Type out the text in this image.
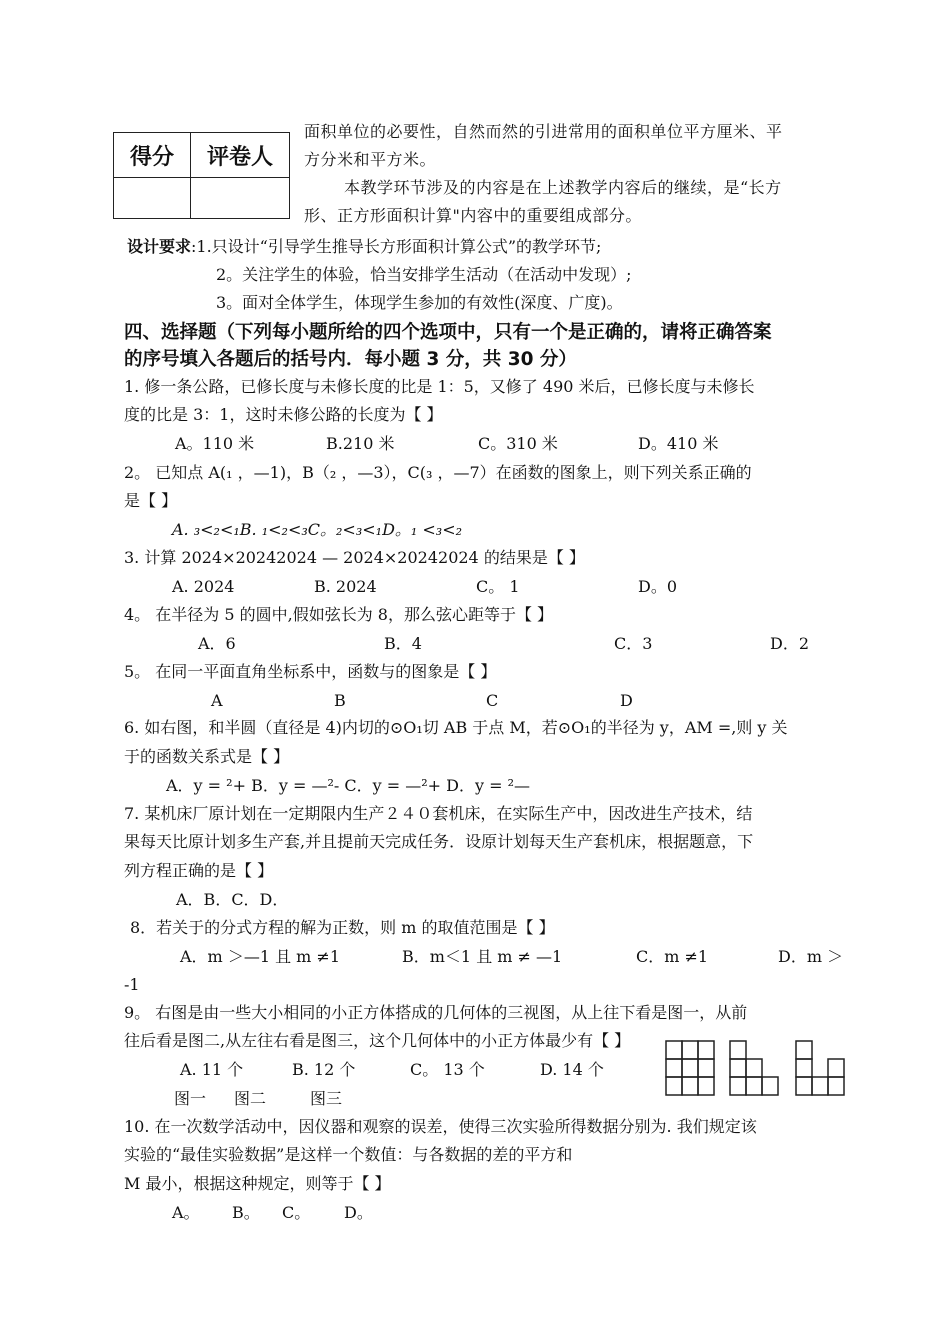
得分	评卷人

面积单位的必要性，自然而然的引进常用的面积单位平方厘米、平
方分米和平方米。
本教学环节涉及的内容是在上述教学内容后的继续，是“长方
形、正方形面积计算"内容中的重要组成部分。
设计要求:1.只设计“引导学生推导长方形面积计算公式”的教学环节;
2。关注学生的体验，恰当安排学生活动（在活动中发现）;
3。面对全体学生，体现学生参加的有效性(深度、广度)。
四、选择题（下列每小题所给的四个选项中，只有一个是正确的，请将正确答案
的序号填入各题后的括号内．每小题 3 分，共 30 分）
1. 修一条公路，已修长度与未修长度的比是 1：5，又修了 490 米后，已修长度与未修长
度的比是 3：1，这时未修公路的长度为【 】
A。110 米	B.210 米	C。310 米	D。410 米
2。 已知点 A(₁ ，—1)，B（₂ ，—3），C(₃ ，—7）在函数的图象上，则下列关系正确的
是【 】
A. ₃<₂<₁B. ₁<₂<₃C。₂<₃<₁D。₁ <₃<₂
3. 计算 2024×20242024 — 2024×20242024 的结果是【 】
A. 2024	B. 2024	C。 1	D。0
4。 在半径为 5 的圆中,假如弦长为 8，那么弦心距等于【 】
A．6	B．4	C．3	D．2
5。 在同一平面直角坐标系中，函数与的图象是【 】
A	B	C	D
6. 如右图，和半圆（直径是 4)内切的⊙O₁切 AB 于点 M，若⊙O₁的半径为 y，AM =,则 y 关
于的函数关系式是【 】
A．y = ²+ B．y = —²- C．y = —²+ D．y = ²—
7. 某机床厂原计划在一定期限内生产２４０套机床，在实际生产中，因改进生产技术，结
果每天比原计划多生产套,并且提前天完成任务．设原计划每天生产套机床，根据题意，下
列方程正确的是【 】
A．B．C．D．
8．若关于的分式方程的解为正数，则 m 的取值范围是【 】
A．m ＞—1 且 m ≠1	B．m＜1 且 m ≠ —1	C．m ≠1	D．m ＞
-1
9。 右图是由一些大小相同的小正方体搭成的几何体的三视图，从上往下看是图一，从前
往后看是图二,从左往右看是图三，这个几何体中的小正方体最少有【 】
A. 11 个	B. 12 个	C。 13 个	D. 14 个
图一 图二	图三
10. 在一次数学活动中，因仪器和观察的误差，使得三次实验所得数据分别为. 我们规定该
实验的“最佳实验数据”是这样一个数值：与各数据的差的平方和
M 最小，根据这种规定，则等于【 】
A。 B。 C。 D。
